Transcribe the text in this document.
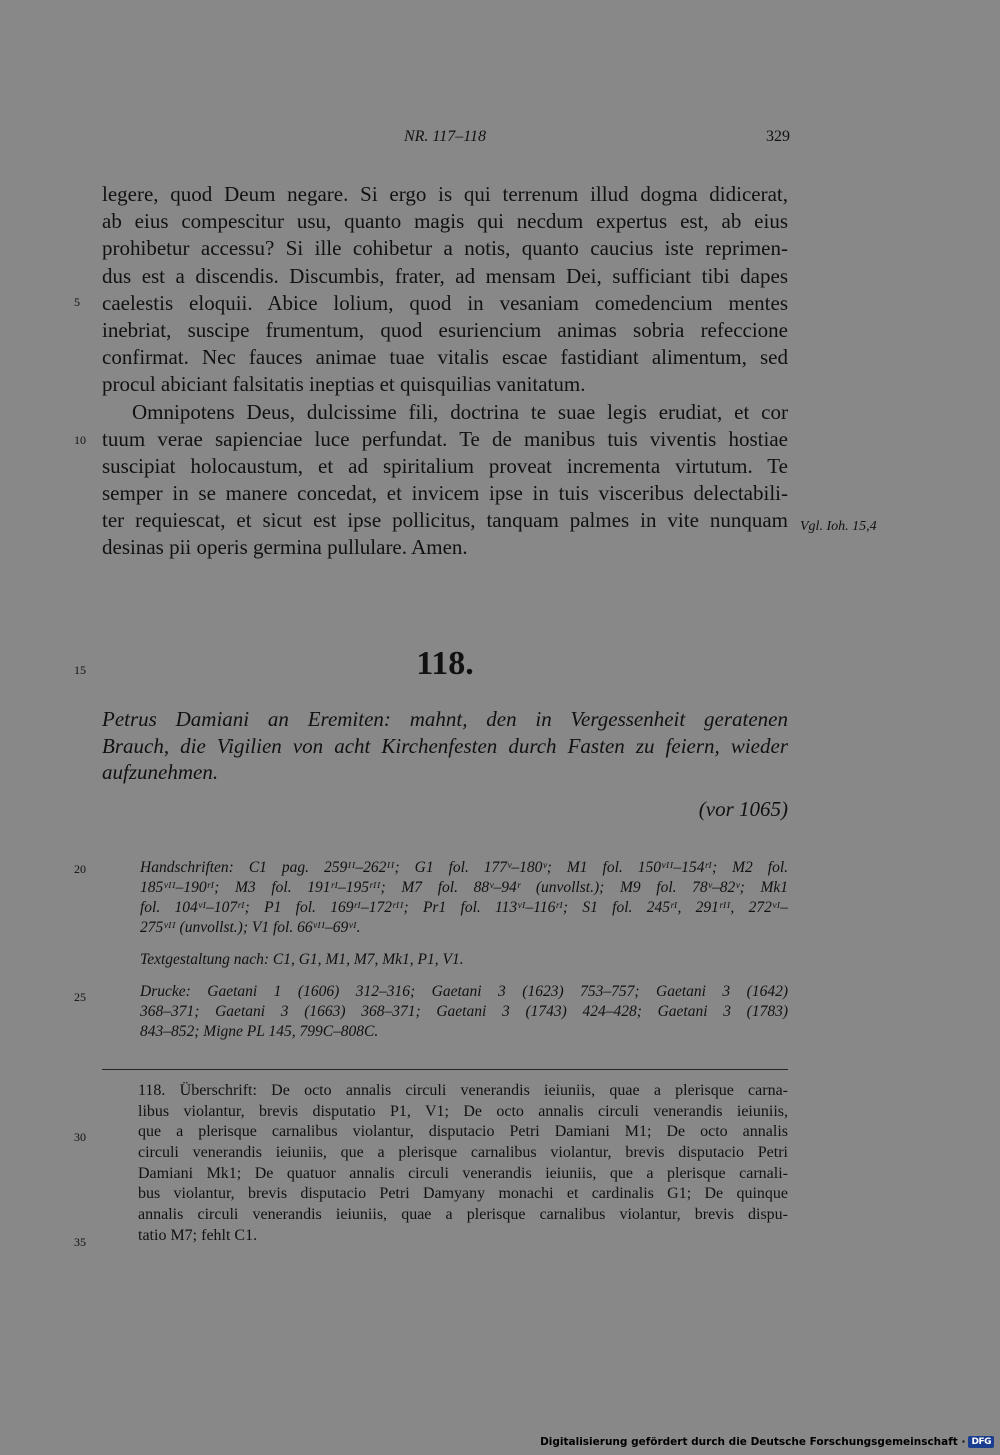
NR. 117–118	329
legere, quod Deum negare. Si ergo is qui terrenum illud dogma didicerat,
ab eius compescitur usu, quanto magis qui necdum expertus est, ab eius
prohibetur accessu? Si ille cohibetur a notis, quanto caucius iste reprimen-
dus est a discendis. Discumbis, frater, ad mensam Dei, sufficiant tibi dapes
caelestis eloquii. Abice lolium, quod in vesaniam comedencium mentes
inebriat, suscipe frumentum, quod esuriencium animas sobria refeccione
confirmat. Nec fauces animae tuae vitalis escae fastidiant alimentum, sed
procul abiciant falsitatis ineptias et quisquilias vanitatum.
Omnipotens Deus, dulcissime fili, doctrina te suae legis erudiat, et cor
tuum verae sapienciae luce perfundat. Te de manibus tuis viventis hostiae
suscipiat holocaustum, et ad spiritalium proveat incrementa virtutum. Te
semper in se manere concedat, et invicem ipse in tuis visceribus delectabili-
ter requiescat, et sicut est ipse pollicitus, tanquam palmes in vite nunquam
desinas pii operis germina pullulare. Amen.
Vgl. Ioh. 15,4
5
10
15
20
25
30
35
118.
Petrus Damiani an Eremiten: mahnt, den in Vergessenheit geratenen
Brauch, die Vigilien von acht Kirchenfesten durch Fasten zu feiern, wieder
aufzunehmen.
(vor 1065)
Handschriften: C1 pag. 259ᴵᴵ–262ᴵᴵ; G1 fol. 177ᵛ–180ᵛ; M1 fol. 150ᵛᴵᴵ–154ʳᴵ; M2 fol.
185ᵛᴵᴵ–190ʳᴵ; M3 fol. 191ʳᴵ–195ʳᴵᴵ; M7 fol. 88ᵛ–94ʳ (unvollst.); M9 fol. 78ᵛ–82ᵛ; Mk1
fol. 104ᵛᴵ–107ʳᴵ; P1 fol. 169ʳᴵ–172ʳᴵᴵ; Pr1 fol. 113ᵛᴵ–116ʳᴵ; S1 fol. 245ʳᴵ, 291ʳᴵᴵ, 272ᵛᴵ–
275ᵛᴵᴵ (unvollst.); V1 fol. 66ᵛᴵᴵ–69ᵛᴵ.
Textgestaltung nach: C1, G1, M1, M7, Mk1, P1, V1.
Drucke: Gaetani 1 (1606) 312–316; Gaetani 3 (1623) 753–757; Gaetani 3 (1642)
368–371; Gaetani 3 (1663) 368–371; Gaetani 3 (1743) 424–428; Gaetani 3 (1783)
843–852; Migne PL 145, 799C–808C.
118. Überschrift: De octo annalis circuli venerandis ieiuniis, quae a plerisque carna-
libus violantur, brevis disputatio P1, V1; De octo annalis circuli venerandis ieiuniis,
que a plerisque carnalibus violantur, disputacio Petri Damiani M1; De octo annalis
circuli venerandis ieiuniis, que a plerisque carnalibus violantur, brevis disputacio Petri
Damiani Mk1; De quatuor annalis circuli venerandis ieiuniis, que a plerisque carnali-
bus violantur, brevis disputacio Petri Damyany monachi et cardinalis G1; De quinque
annalis circuli venerandis ieiuniis, quae a plerisque carnalibus violantur, brevis dispu-
tatio M7; fehlt C1.
Digitalisierung gefördert durch die Deutsche Forschungsgemeinschaft · DFG
